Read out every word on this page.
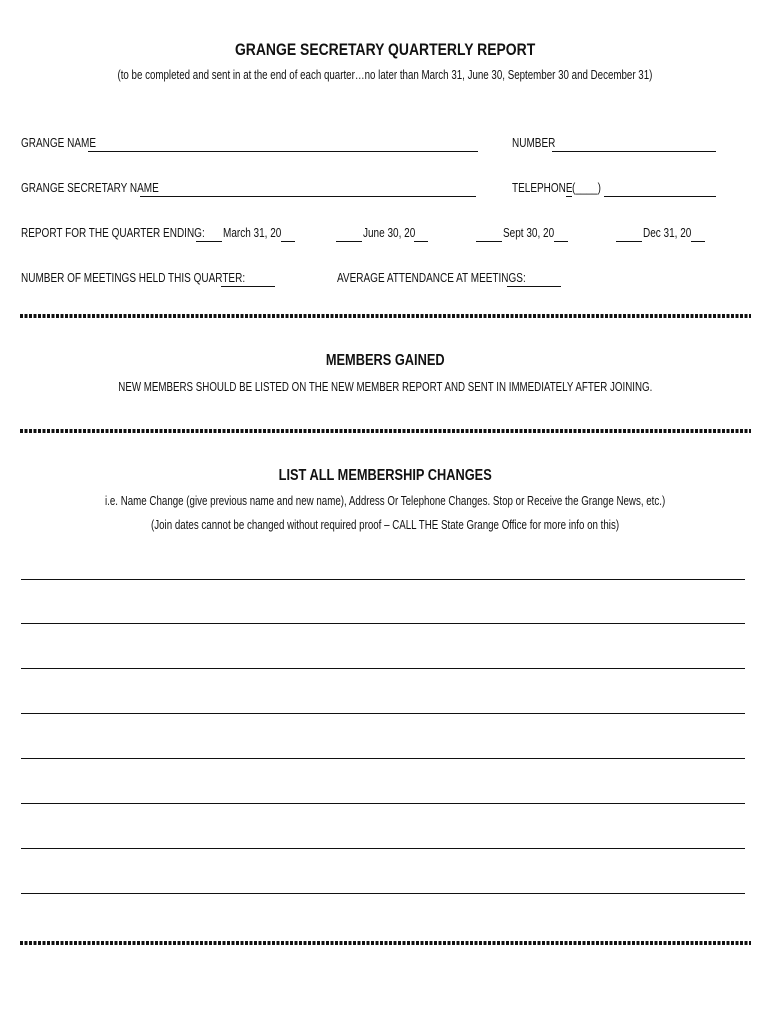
GRANGE SECRETARY QUARTERLY REPORT
(to be completed and sent in at the end of each quarter…no later than March 31, June 30, September 30 and December 31)
GRANGE NAME	NUMBER
GRANGE SECRETARY NAME	TELEPHONE (____)
REPORT FOR THE QUARTER ENDING:	March 31, 20	June 30, 20	Sept 30, 20	Dec 31, 20
NUMBER OF MEETINGS HELD THIS QUARTER:	AVERAGE ATTENDANCE AT MEETINGS:
MEMBERS GAINED
NEW MEMBERS SHOULD BE LISTED ON THE NEW MEMBER REPORT AND SENT IN IMMEDIATELY AFTER JOINING.
LIST ALL MEMBERSHIP CHANGES
i.e. Name Change (give previous name and new name), Address Or Telephone Changes. Stop or Receive the Grange News, etc.)
(Join dates cannot be changed without required proof – CALL THE State Grange Office for more info on this)
